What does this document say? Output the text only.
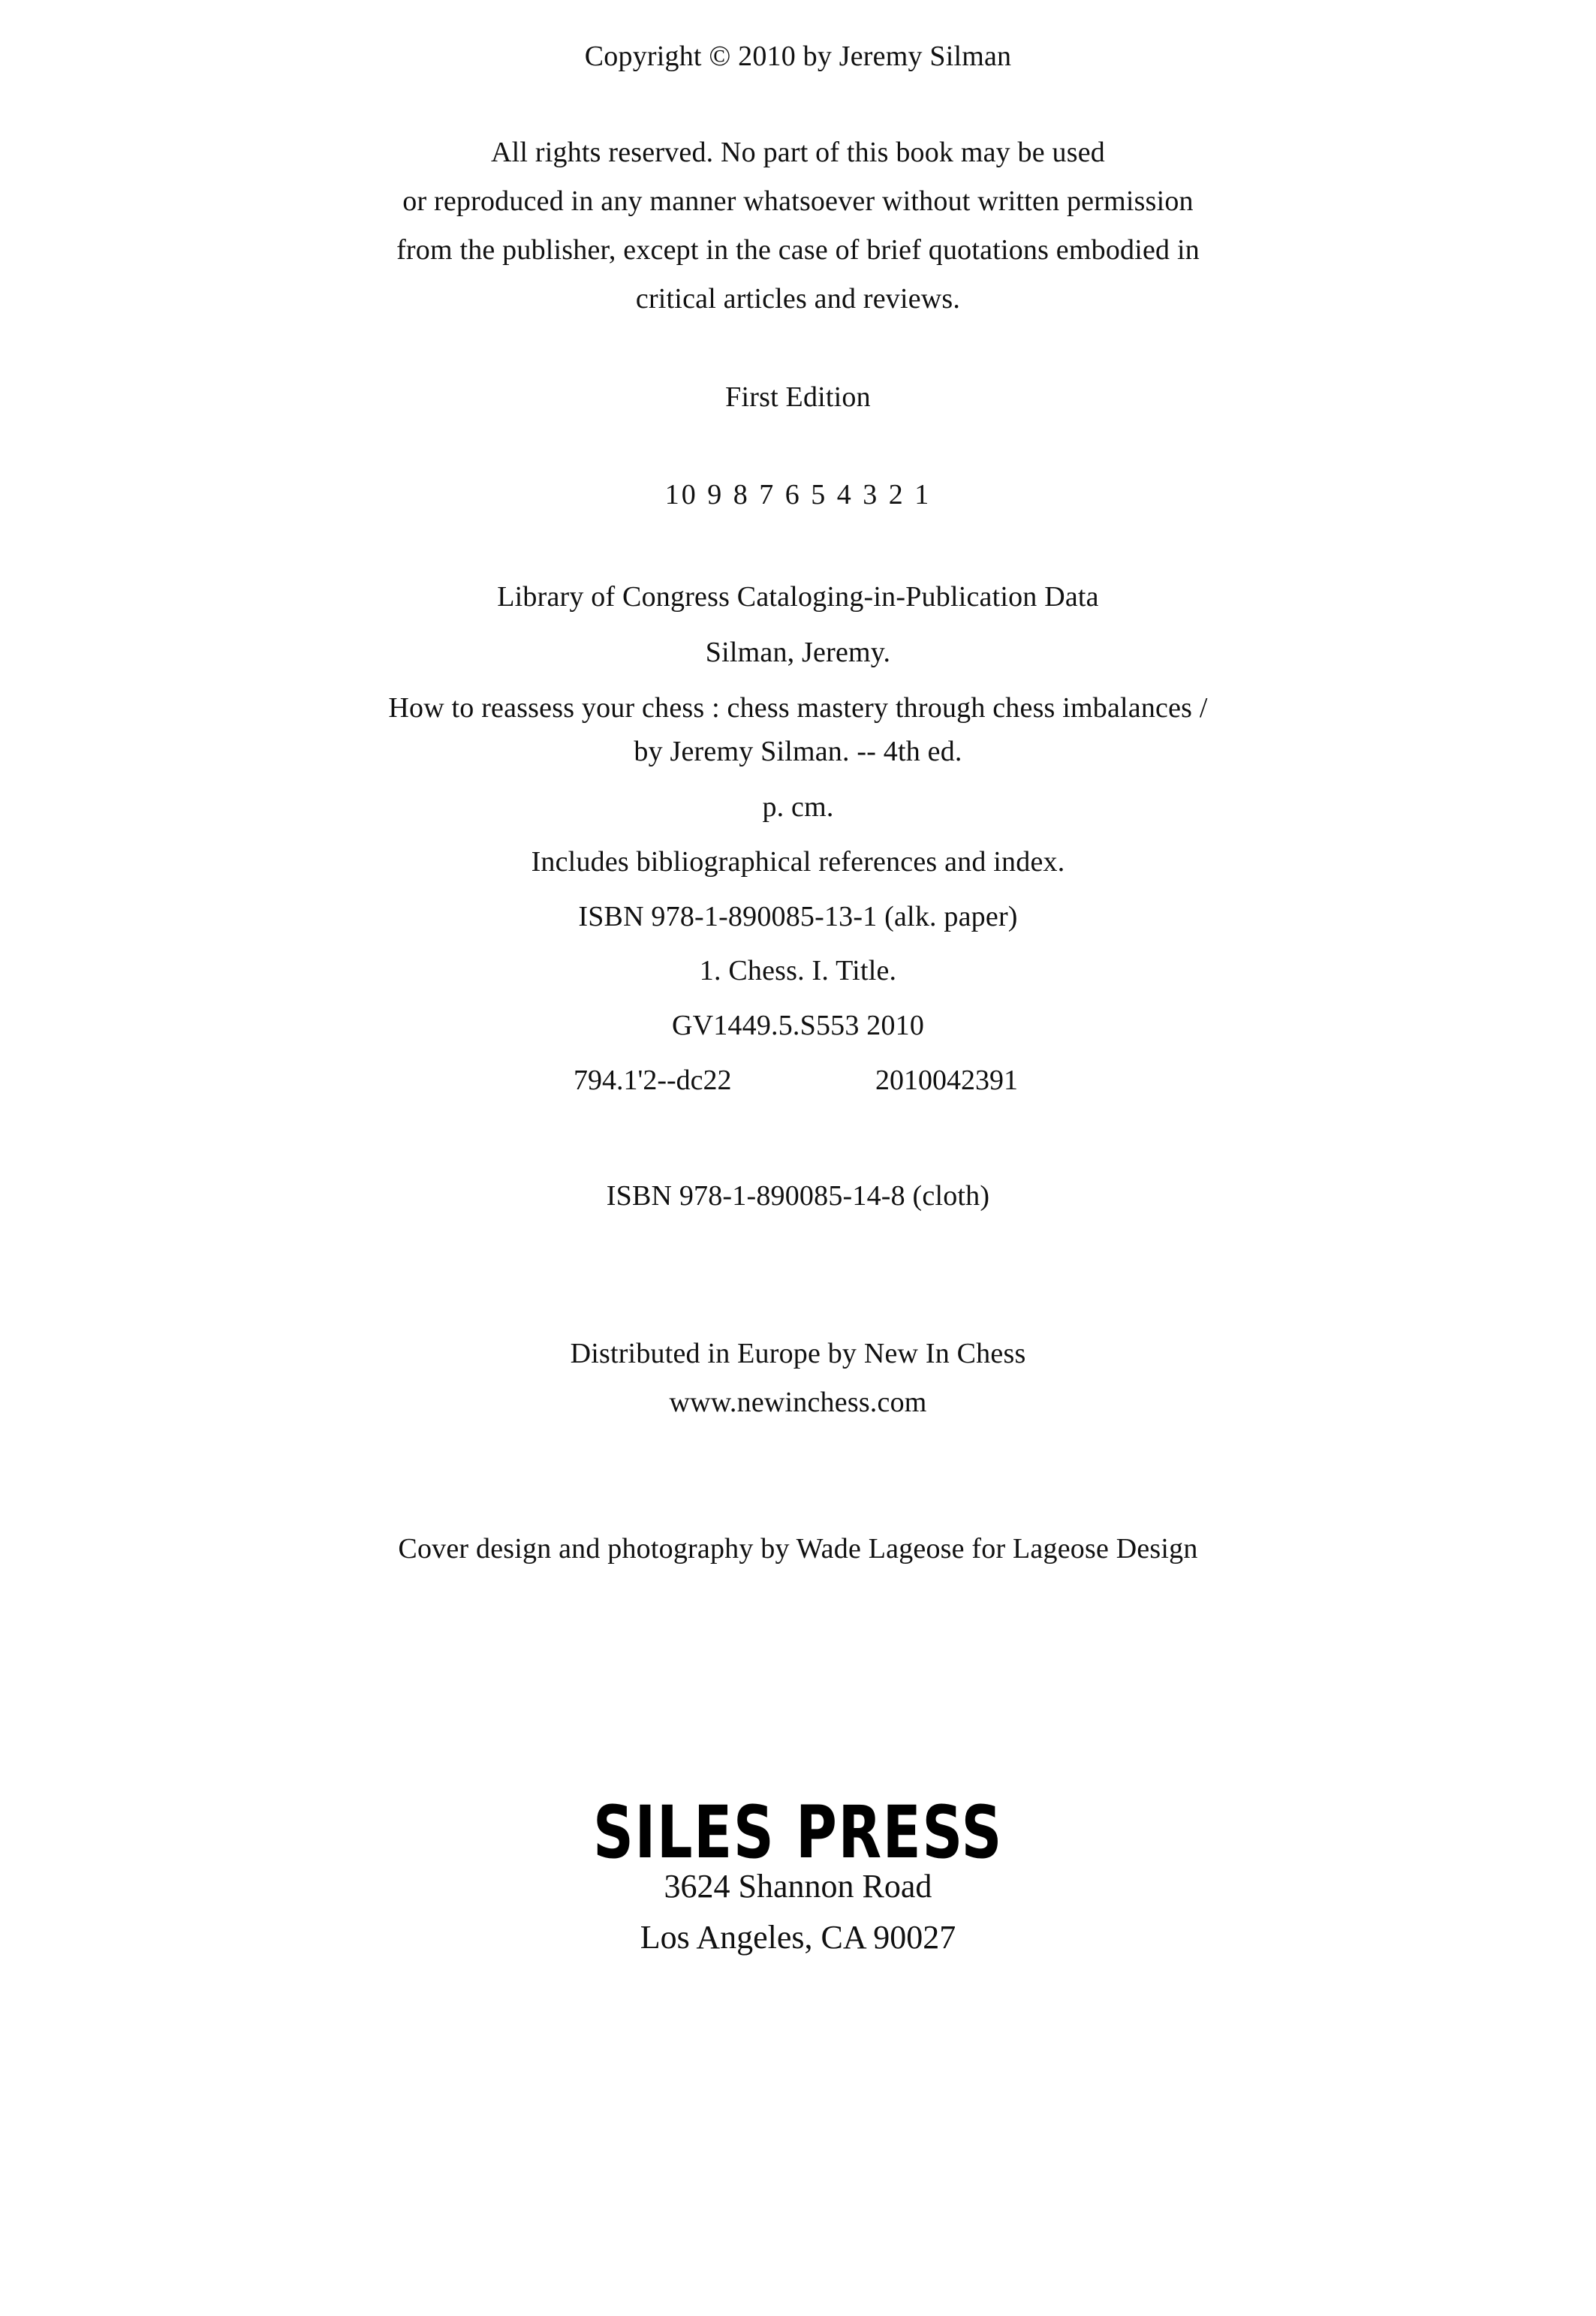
Copyright © 2010 by Jeremy Silman
All rights reserved. No part of this book may be used
or reproduced in any manner whatsoever without written permission
from the publisher, except in the case of brief quotations embodied in
critical articles and reviews.
First Edition
10 9 8 7 6 5 4 3 2 1
Library of Congress Cataloging-in-Publication Data
Silman, Jeremy.
How to reassess your chess : chess mastery through chess imbalances /
by Jeremy Silman. -- 4th ed.
p. cm.
Includes bibliographical references and index.
ISBN 978-1-890085-13-1 (alk. paper)
1. Chess. I. Title.
GV1449.5.S553 2010
794.1'2--dc22	2010042391
ISBN 978-1-890085-14-8 (cloth)
Distributed in Europe by New In Chess
www.newinchess.com
Cover design and photography by Wade Lageose for Lageose Design
SILES PRESS
3624 Shannon Road
Los Angeles, CA 90027
